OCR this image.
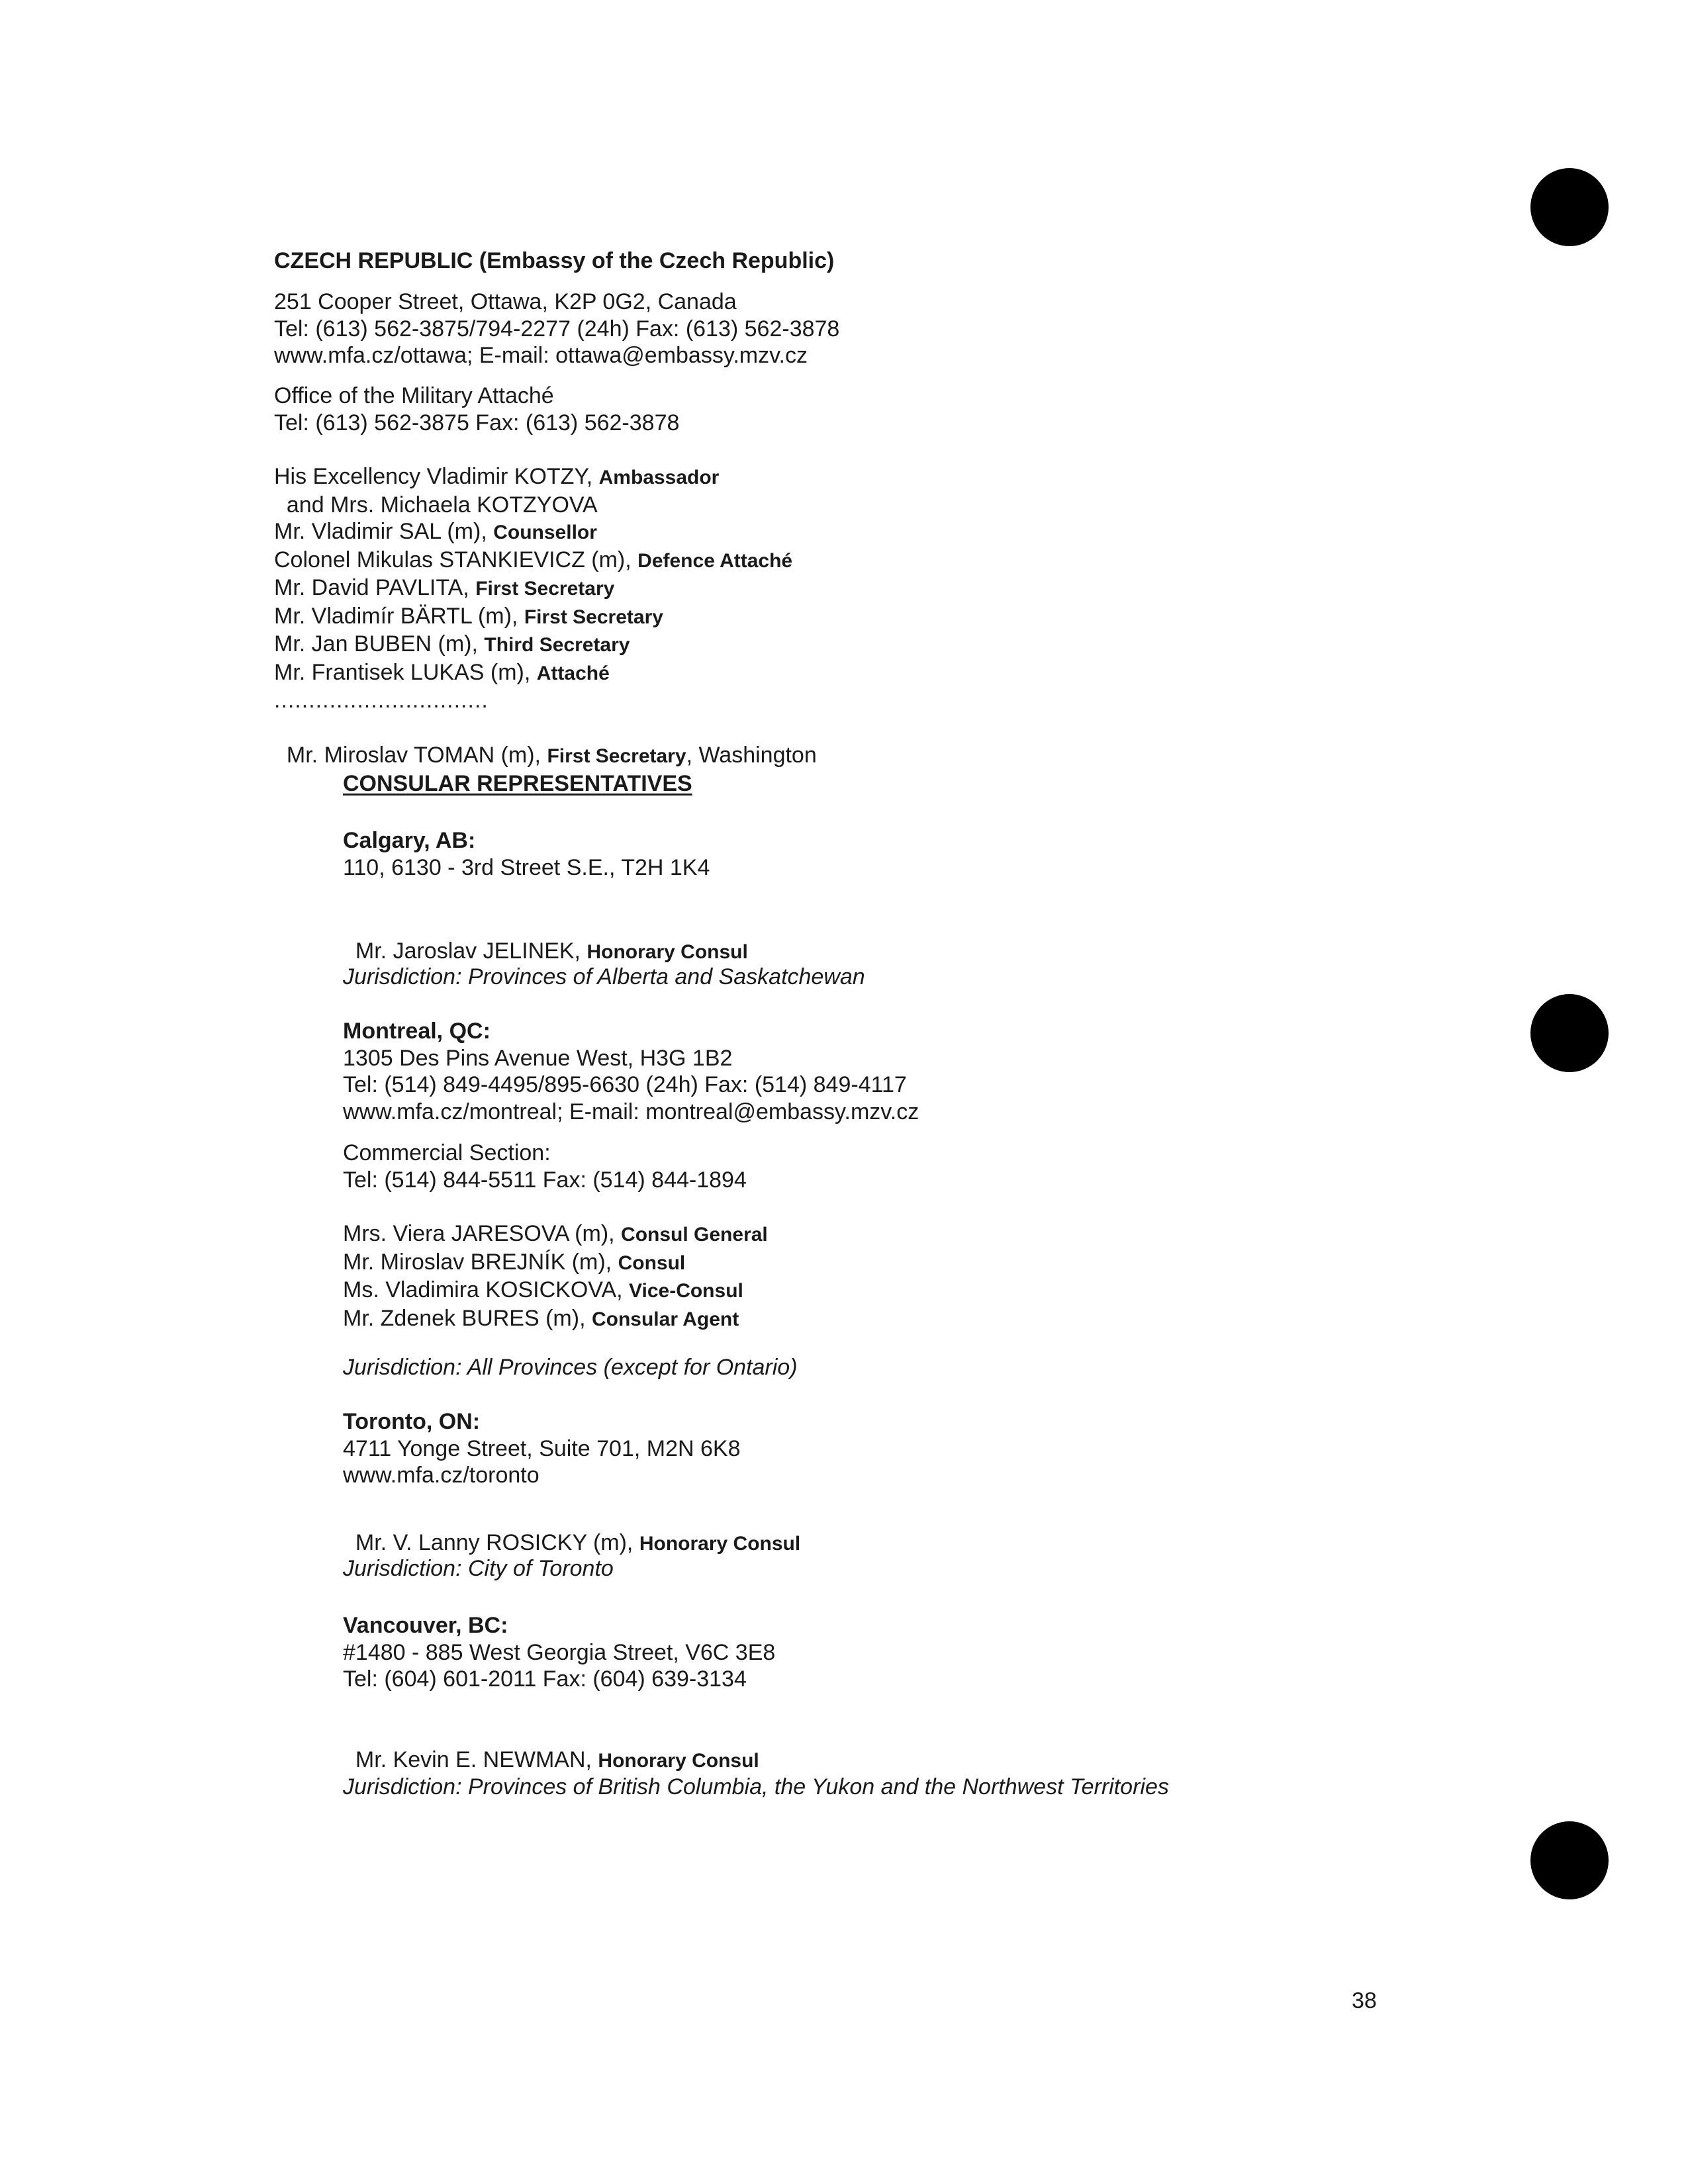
CZECH REPUBLIC (Embassy of the Czech Republic)
251 Cooper Street, Ottawa, K2P 0G2, Canada
Tel: (613) 562-3875/794-2277 (24h) Fax: (613) 562-3878
www.mfa.cz/ottawa; E-mail: ottawa@embassy.mzv.cz
Office of the Military Attaché
Tel: (613) 562-3875 Fax: (613) 562-3878
His Excellency Vladimir KOTZY, Ambassador
and Mrs. Michaela KOTZYOVA
Mr. Vladimir SAL (m), Counsellor
Colonel Mikulas STANKIEVICZ (m), Defence Attaché
Mr. David PAVLITA, First Secretary
Mr. Vladimír BÄRTL (m), First Secretary
Mr. Jan BUBEN (m), Third Secretary
Mr. Frantisek LUKAS (m), Attaché
...............................

Mr. Miroslav TOMAN (m), First Secretary, Washington

CONSULAR REPRESENTATIVES
Calgary, AB:
110, 6130 - 3rd Street S.E., T2H 1K4

Mr. Jaroslav JELINEK, Honorary Consul

Jurisdiction: Provinces of Alberta and Saskatchewan
Montreal, QC:
1305 Des Pins Avenue West, H3G 1B2
Tel: (514) 849-4495/895-6630 (24h) Fax: (514) 849-4117
www.mfa.cz/montreal; E-mail: montreal@embassy.mzv.cz
Commercial Section:
Tel: (514) 844-5511 Fax: (514) 844-1894
Mrs. Viera JARESOVA (m), Consul General
Mr. Miroslav BREJNÍK (m), Consul
Ms. Vladimira KOSICKOVA, Vice-Consul
Mr. Zdenek BURES (m), Consular Agent
Jurisdiction: All Provinces (except for Ontario)
Toronto, ON:
4711 Yonge Street, Suite 701, M2N 6K8
www.mfa.cz/toronto

Mr. V. Lanny ROSICKY (m), Honorary Consul

Jurisdiction: City of Toronto
Vancouver, BC:
#1480 - 885 West Georgia Street, V6C 3E8
Tel: (604) 601-2011 Fax: (604) 639-3134

Mr. Kevin E. NEWMAN, Honorary Consul

Jurisdiction: Provinces of British Columbia, the Yukon and the Northwest Territories
38
